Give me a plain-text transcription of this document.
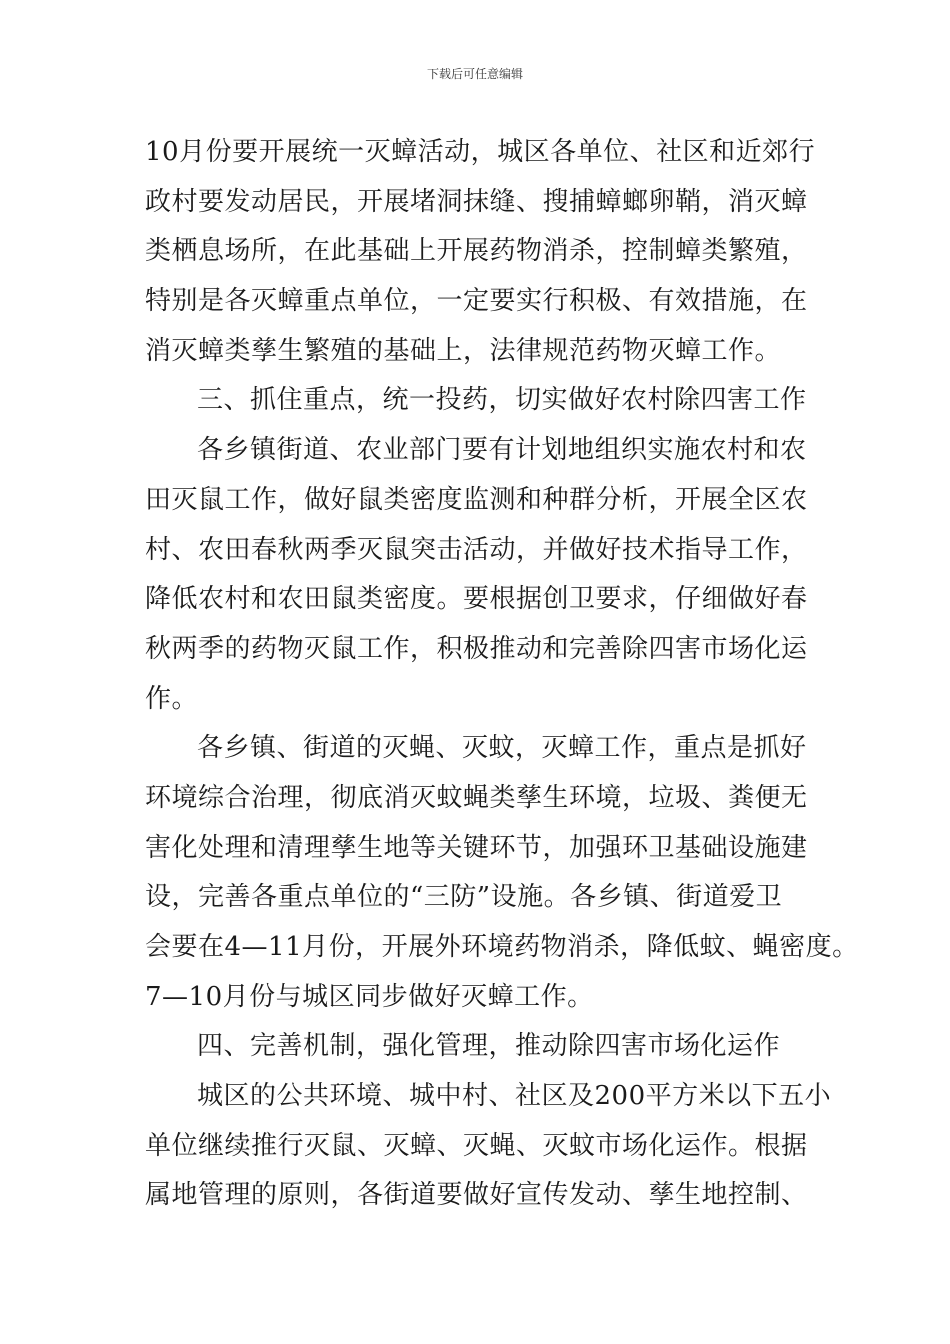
下载后可任意编辑
10月份要开展统一灭蟑活动，城区各单位、社区和近郊行
政村要发动居民，开展堵洞抹缝、搜捕蟑螂卵鞘，消灭蟑
类栖息场所，在此基础上开展药物消杀，控制蟑类繁殖，
特别是各灭蟑重点单位，一定要实行积极、有效措施，在
消灭蟑类孳生繁殖的基础上，法律规范药物灭蟑工作。
三、抓住重点，统一投药，切实做好农村除四害工作
各乡镇街道、农业部门要有计划地组织实施农村和农
田灭鼠工作，做好鼠类密度监测和种群分析，开展全区农
村、农田春秋两季灭鼠突击活动，并做好技术指导工作，
降低农村和农田鼠类密度。要根据创卫要求，仔细做好春
秋两季的药物灭鼠工作，积极推动和完善除四害市场化运
作。
各乡镇、街道的灭蝇、灭蚊，灭蟑工作，重点是抓好
环境综合治理，彻底消灭蚊蝇类孳生环境，垃圾、粪便无
害化处理和清理孳生地等关键环节，加强环卫基础设施建
设，完善各重点单位的“三防”设施。各乡镇、街道爱卫
会要在4—11月份，开展外环境药物消杀，降低蚊、蝇密度。
7—10月份与城区同步做好灭蟑工作。
四、完善机制，强化管理，推动除四害市场化运作
城区的公共环境、城中村、社区及200平方米以下五小
单位继续推行灭鼠、灭蟑、灭蝇、灭蚊市场化运作。根据
属地管理的原则，各街道要做好宣传发动、孳生地控制、
